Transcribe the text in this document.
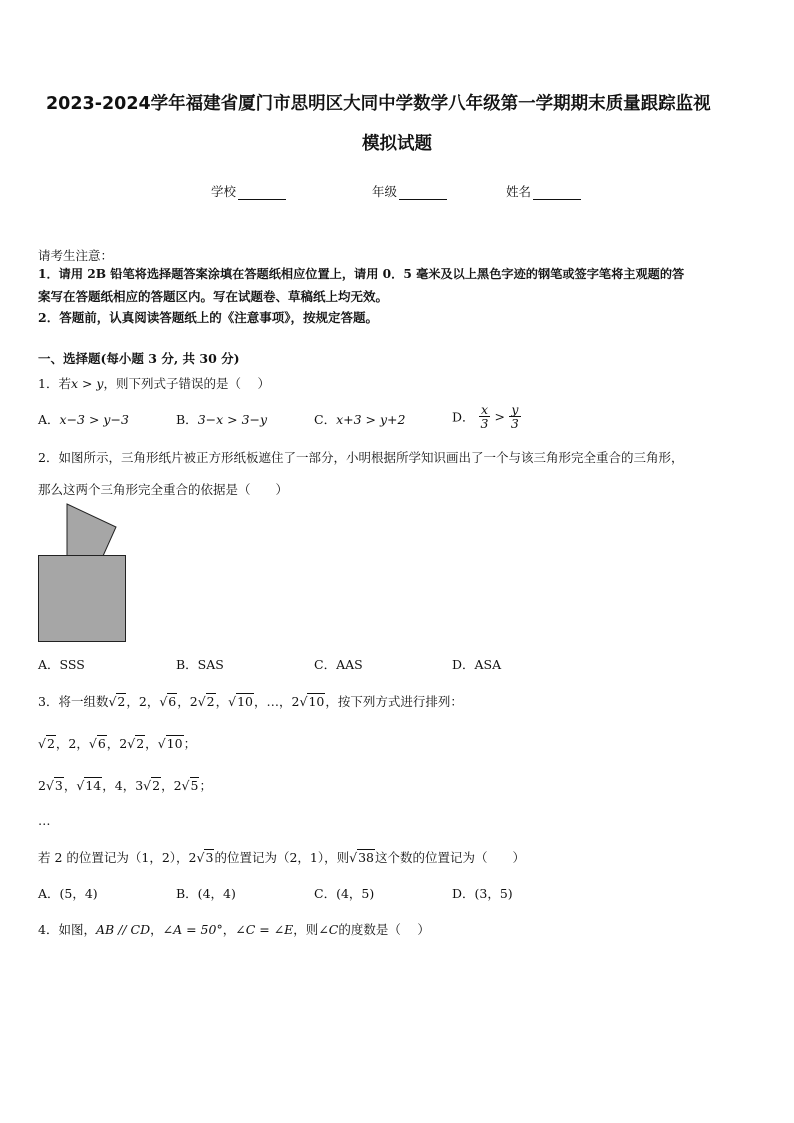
2023-2024学年福建省厦门市思明区大同中学数学八年级第一学期期末质量跟踪监视
模拟试题
学校	年级	姓名
请考生注意：
1．请用 2B 铅笔将选择题答案涂填在答题纸相应位置上，请用 0．5 毫米及以上黑色字迹的钢笔或签字笔将主观题的答
案写在答题纸相应的答题区内。写在试题卷、草稿纸上均无效。
2．答题前，认真阅读答题纸上的《注意事项》，按规定答题。
一、选择题(每小题 3 分, 共 30 分)
1．若x > y，则下列式子错误的是（　 ）
A．x−3 > y−3	B．3−x > 3−y	C．x+3 > y+2	D． $\frac{x}{3} > \frac{y}{3}$
2．如图所示，三角形纸片被正方形纸板遮住了一部分，小明根据所学知识画出了一个与该三角形完全重合的三角形，
那么这两个三角形完全重合的依据是（　　）
A．SSS	B．SAS	C．AAS	D．ASA
3．将一组数√2，2，√6，2√2，√10，…，2√10，按下列方式进行排列：
√2，2，√6，2√2，√10；
2√3，√14，4，3√2，2√5；
…
若 2 的位置记为（1，2），2√3的位置记为（2，1），则√38这个数的位置记为（　　）
A．(5，4)	B．(4，4)	C．(4，5)	D．(3，5)
4．如图，AB // CD，∠A = 50°，∠C = ∠E，则∠C的度数是（　 ）
